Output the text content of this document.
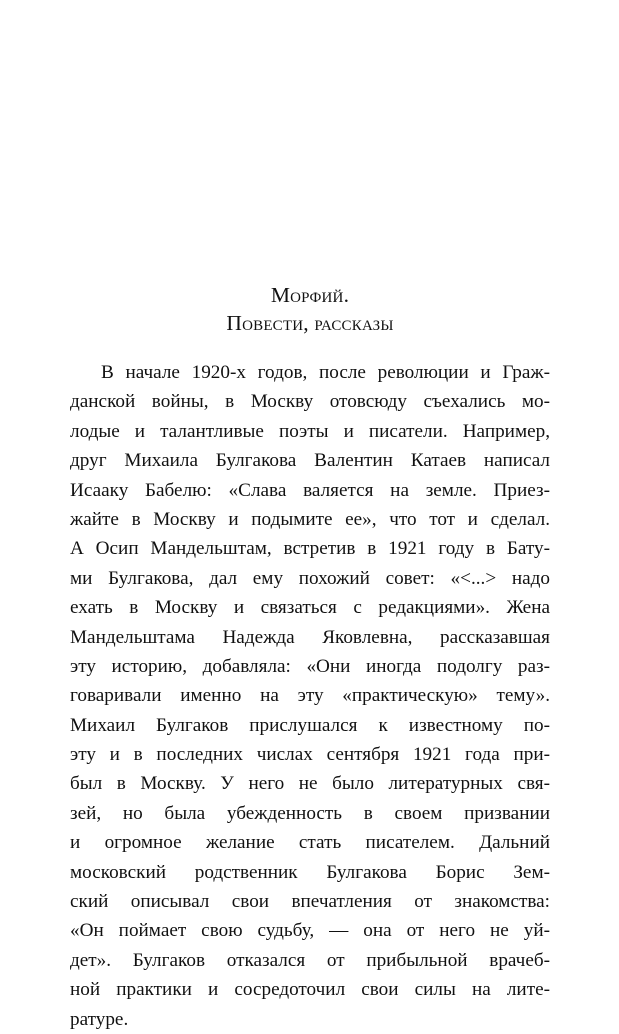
Морфий.
Повести, рассказы
В начале 1920-х годов, после революции и Граж-
данской войны, в Москву отовсюду съехались мо-
лодые и талантливые поэты и писатели. Например,
друг Михаила Булгакова Валентин Катаев написал
Исааку Бабелю: «Слава валяется на земле. Приез-
жайте в Москву и подымите ее», что тот и сделал.
А Осип Мандельштам, встретив в 1921 году в Бату-
ми Булгакова, дал ему похожий совет: «<...> надо
ехать в Москву и связаться с редакциями». Жена
Мандельштама Надежда Яковлевна, рассказавшая
эту историю, добавляла: «Они иногда подолгу раз-
говаривали именно на эту «практическую» тему».
Михаил Булгаков прислушался к известному по-
эту и в последних числах сентября 1921 года при-
был в Москву. У него не было литературных свя-
зей, но была убежденность в своем призвании
и огромное желание стать писателем. Дальний
московский родственник Булгакова Борис Зем-
ский описывал свои впечатления от знакомства:
«Он поймает свою судьбу, — она от него не уй-
дет». Булгаков отказался от прибыльной врачеб-
ной практики и сосредоточил свои силы на лите-
ратуре.
